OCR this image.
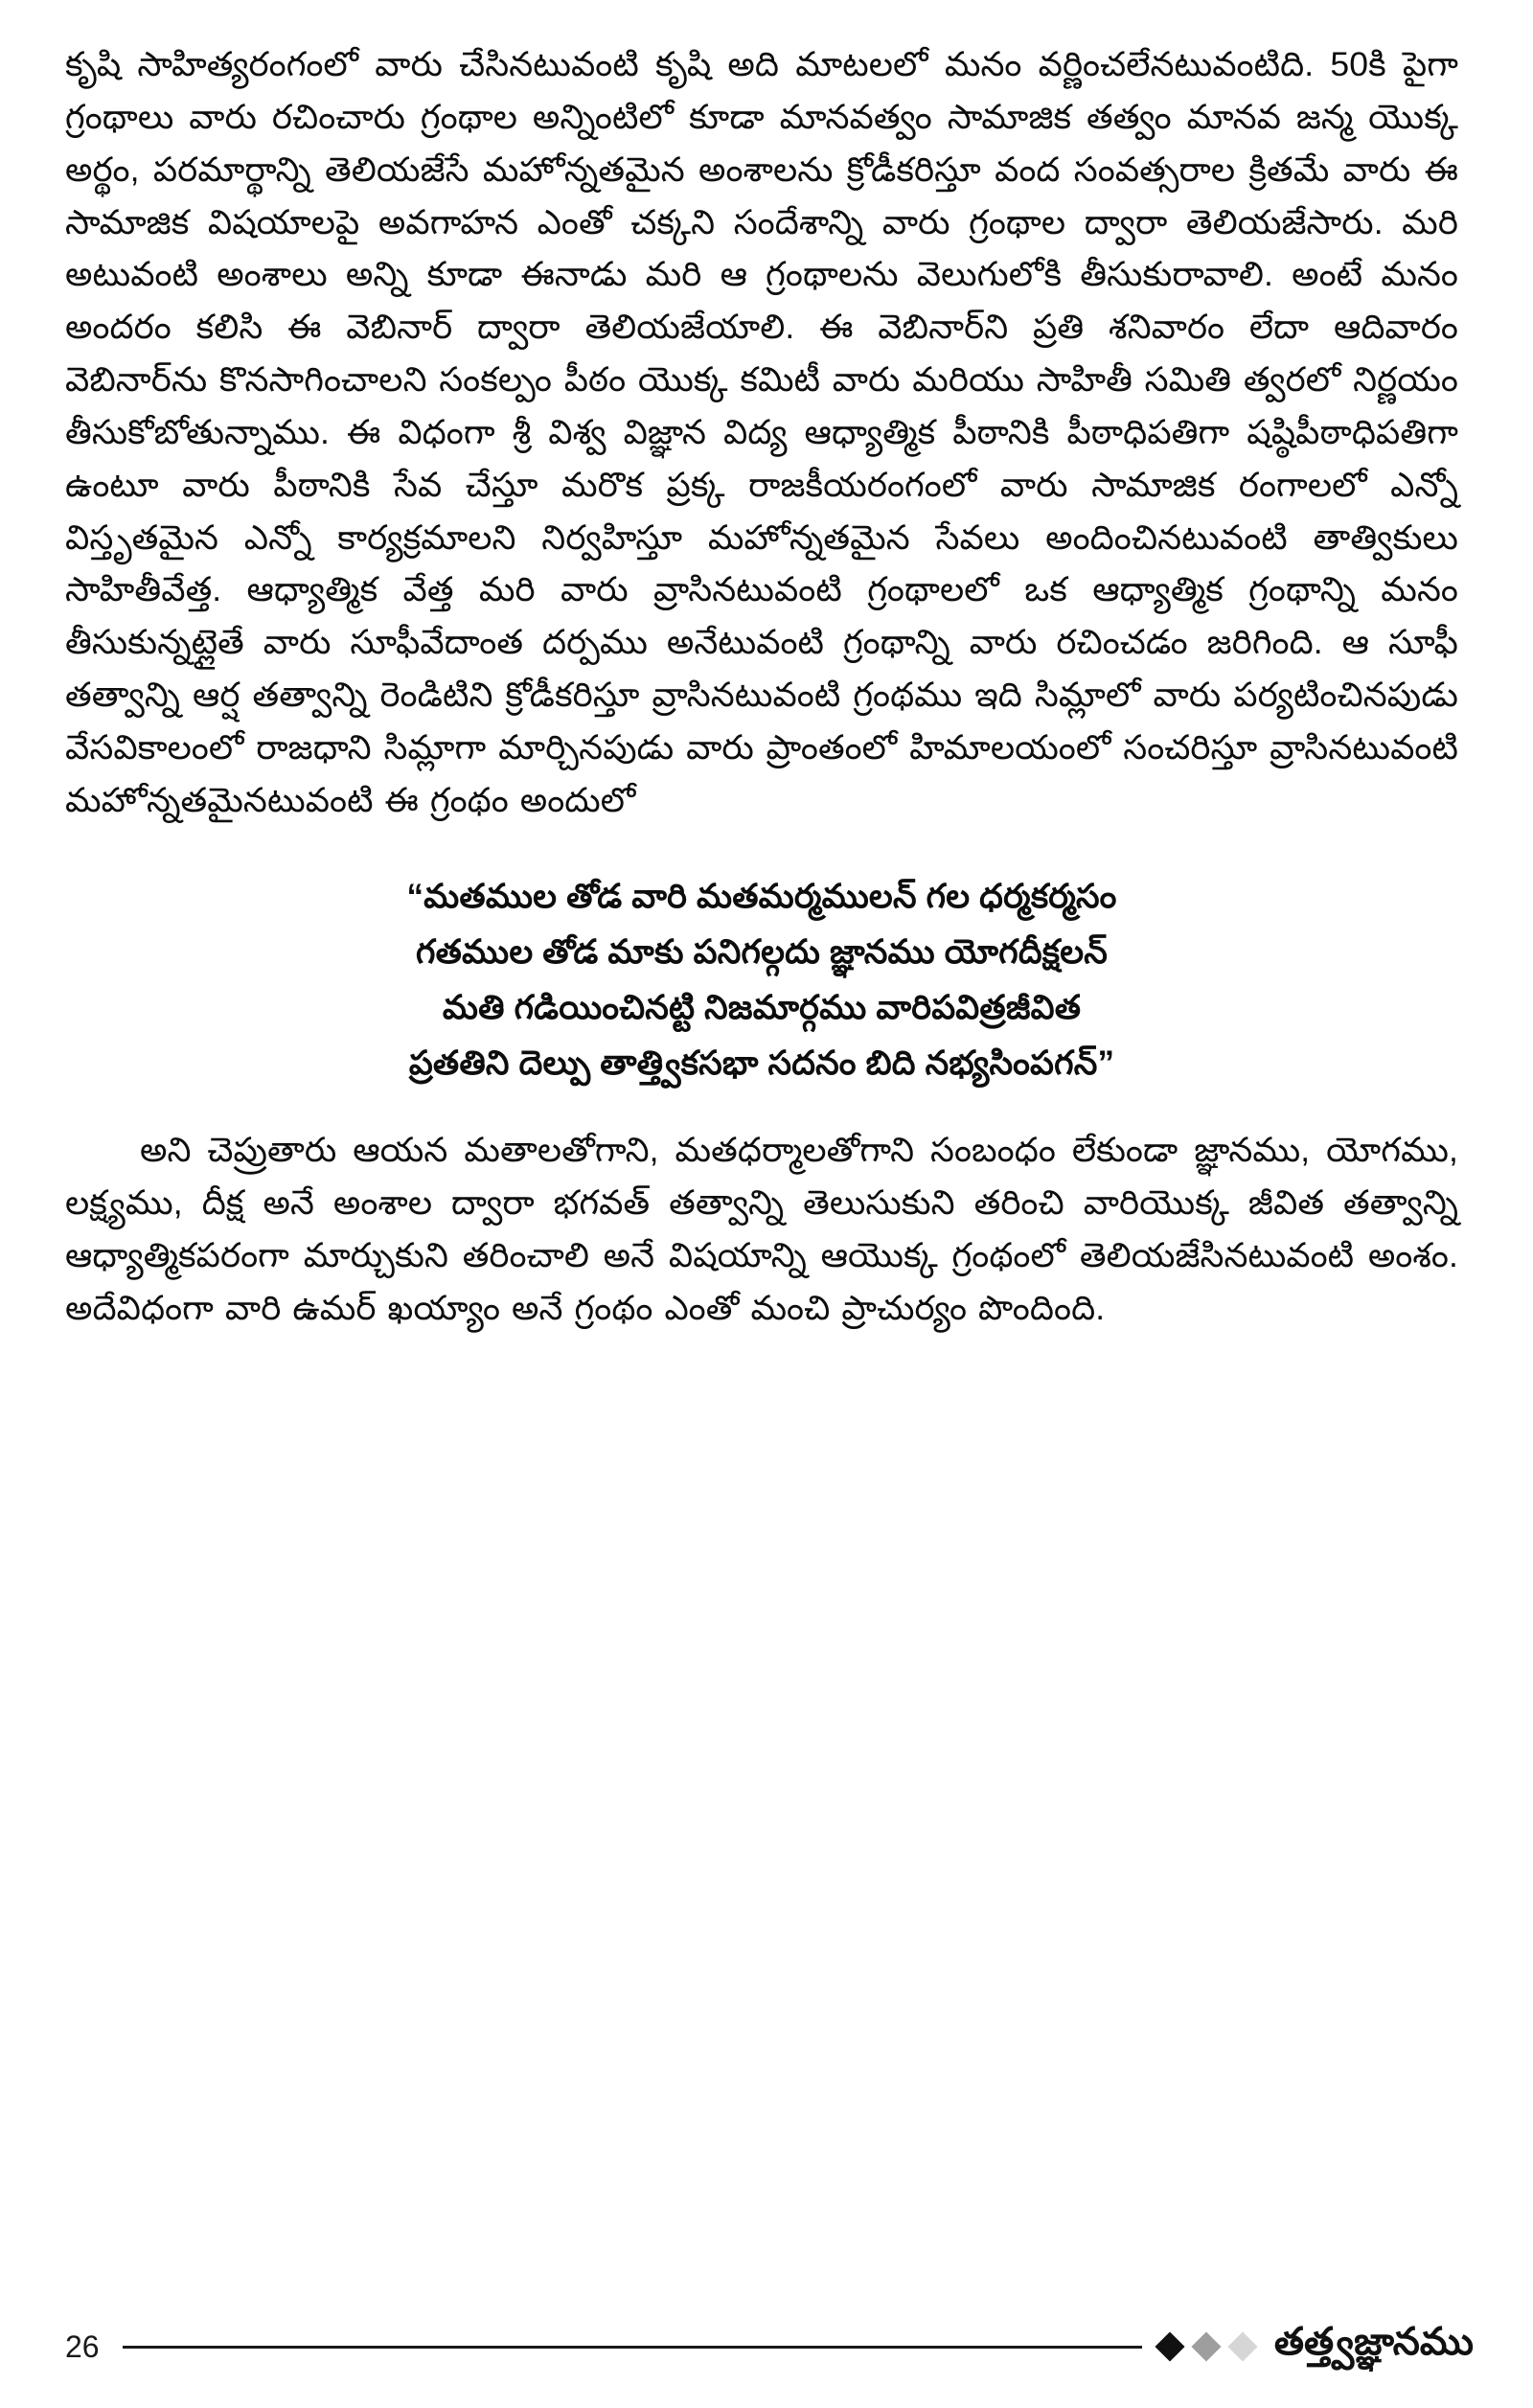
కృషి సాహిత్యరంగంలో వారు చేసినటువంటి కృషి అది మాటలలో మనం వర్ణించలేనటువంటిది. 50కి పైగా గ్రంథాలు వారు రచించారు గ్రంథాల అన్నింటిలో కూడా మానవత్వం సామాజిక తత్వం మానవ జన్మ యొక్క అర్థం, పరమార్థాన్ని తెలియజేసే మహోన్నతమైన అంశాలను క్రోడీకరిస్తూ వంద సంవత్సరాల క్రితమే వారు ఈ సామాజిక విషయాలపై అవగాహన ఎంతో చక్కని సందేశాన్ని వారు గ్రంథాల ద్వారా తెలియజేసారు. మరి అటువంటి అంశాలు అన్ని కూడా ఈనాడు మరి ఆ గ్రంథాలను వెలుగులోకి తీసుకురావాలి. అంటే మనం అందరం కలిసి ఈ వెబినార్ ద్వారా తెలియజేయాలి. ఈ వెబినార్‌ని ప్రతి శనివారం లేదా ఆదివారం వెబినార్‌ను కొనసాగించాలని సంకల్పం పీఠం యొక్క కమిటీ వారు మరియు సాహితీ సమితి త్వరలో నిర్ణయం తీసుకోబోతున్నాము. ఈ విధంగా శ్రీ విశ్వ విజ్ఞాన విద్య ఆధ్యాత్మిక పీఠానికి పీఠాధిపతిగా షష్ఠిపీఠాధిపతిగా ఉంటూ వారు పీఠానికి సేవ చేస్తూ మరొక ప్రక్క రాజకీయరంగంలో వారు సామాజిక రంగాలలో ఎన్నో విస్తృతమైన ఎన్నో కార్యక్రమాలని నిర్వహిస్తూ మహోన్నతమైన సేవలు అందించినటువంటి తాత్వికులు సాహితీవేత్త. ఆధ్యాత్మిక వేత్త మరి వారు వ్రాసినటువంటి గ్రంథాలలో ఒక ఆధ్యాత్మిక గ్రంథాన్ని మనం తీసుకున్నట్లైతే వారు సూఫీవేదాంత దర్పము అనేటువంటి గ్రంథాన్ని వారు రచించడం జరిగింది. ఆ సూఫీ తత్వాన్ని ఆర్ష తత్వాన్ని రెండిటిని క్రోడీకరిస్తూ వ్రాసినటువంటి గ్రంథము ఇది సిమ్లాలో వారు పర్యటించినపుడు వేసవికాలంలో రాజధాని సిమ్లాగా మార్చినపుడు వారు ప్రాంతంలో హిమాలయంలో సంచరిస్తూ వ్రాసినటువంటి మహోన్నతమైనటువంటి ఈ గ్రంథం అందులో

“మతముల తోడ వారి మతమర్మములన్ గల ధర్మకర్మసం
గతముల తోడ మాకు పనిగల్గదు జ్ఞానము యోగదీక్షలన్
మతి గడియించినట్టి నిజమార్గము వారిపవిత్రజీవిత
ప్రతతిని దెల్పు తాత్త్వికసభా సదనం బిది నభ్యసింపగన్”

అని చెప్రుతారు ఆయన మతాలతోగాని, మతధర్మాలతోగాని సంబంధం లేకుండా జ్ఞానము, యోగము, లక్ష్యము, దీక్ష అనే అంశాల ద్వారా భగవత్ తత్వాన్ని తెలుసుకుని తరించి వారియొక్క జీవిత తత్వాన్ని ఆధ్యాత్మికపరంగా మార్చుకుని తరించాలి అనే విషయాన్ని ఆయొక్క గ్రంథంలో తెలియజేసినటువంటి అంశం. అదేవిధంగా వారి ఉమర్ ఖయ్యాం అనే గ్రంథం ఎంతో మంచి ప్రాచుర్యం పొందింది.

26	తత్త్వజ్ఞానము
